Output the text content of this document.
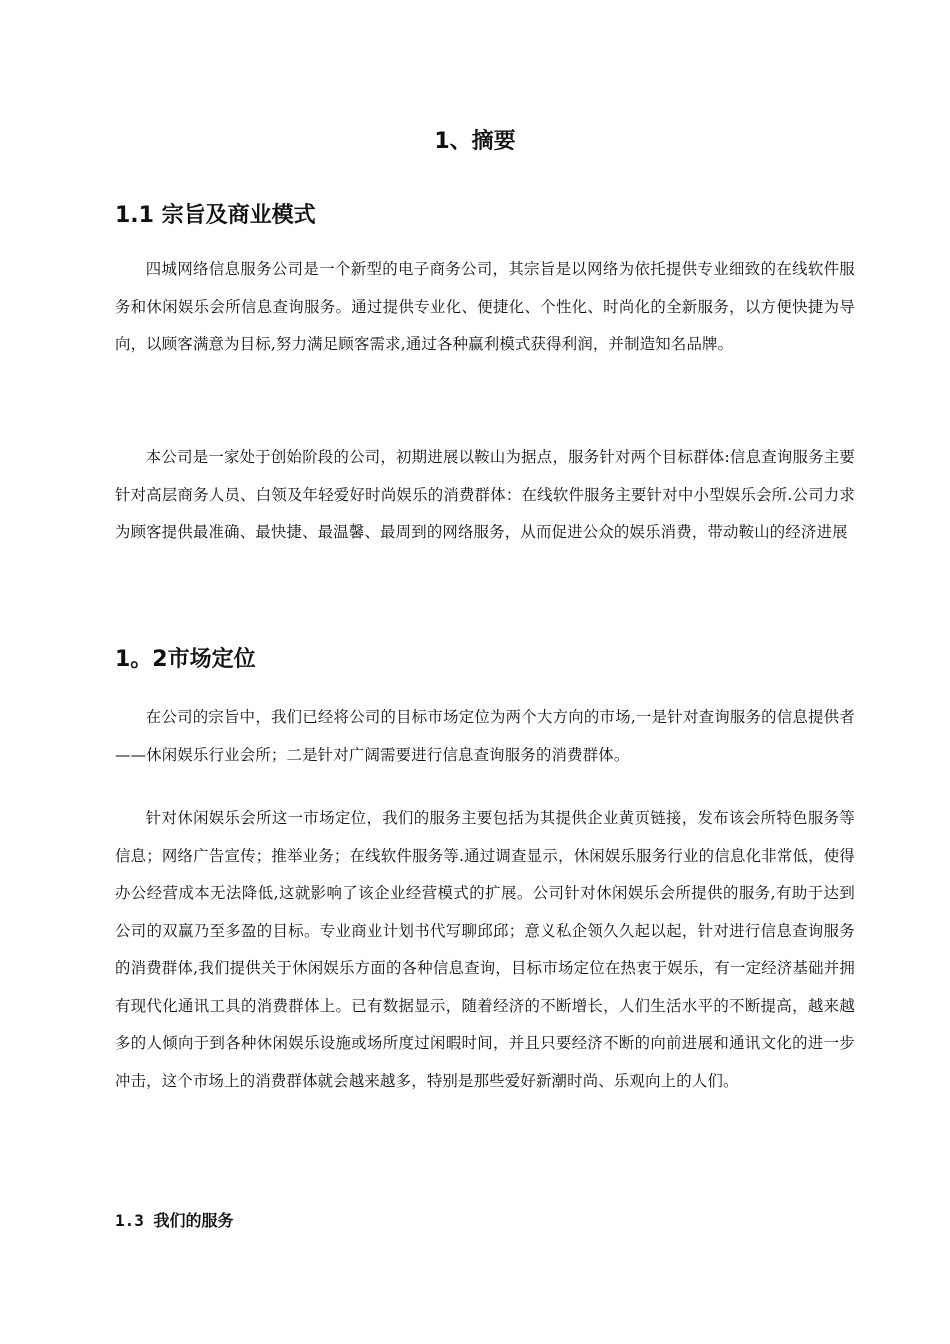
1、摘要
1.1 宗旨及商业模式

四城网络信息服务公司是一个新型的电子商务公司，其宗旨是以网络为依托提供专业细致的在线软件服务和休闲娱乐会所信息查询服务。通过提供专业化、便捷化、个性化、时尚化的全新服务，以方便快捷为导向，以顾客满意为目标,努力满足顾客需求,通过各种赢利模式获得利润，并制造知名品牌。

本公司是一家处于创始阶段的公司，初期进展以鞍山为据点，服务针对两个目标群体:信息查询服务主要针对高层商务人员、白领及年轻爱好时尚娱乐的消费群体：在线软件服务主要针对中小型娱乐会所.公司力求为顾客提供最准确、最快捷、最温馨、最周到的网络服务，从而促进公众的娱乐消费，带动鞍山的经济进展

1。2市场定位

在公司的宗旨中，我们已经将公司的目标市场定位为两个大方向的市场,一是针对查询服务的信息提供者——休闲娱乐行业会所；二是针对广阔需要进行信息查询服务的消费群体。

针对休闲娱乐会所这一市场定位，我们的服务主要包括为其提供企业黄页链接，发布该会所特色服务等信息；网络广告宣传；推举业务；在线软件服务等.通过调查显示，休闲娱乐服务行业的信息化非常低，使得办公经营成本无法降低,这就影响了该企业经营模式的扩展。公司针对休闲娱乐会所提供的服务,有助于达到公司的双赢乃至多盈的目标。专业商业计划书代写聊邱邱；意义私企领久久起以起，针对进行信息查询服务的消费群体,我们提供关于休闲娱乐方面的各种信息查询，目标市场定位在热衷于娱乐，有一定经济基础并拥有现代化通讯工具的消费群体上。已有数据显示，随着经济的不断增长，人们生活水平的不断提高，越来越多的人倾向于到各种休闲娱乐设施或场所度过闲暇时间，并且只要经济不断的向前进展和通讯文化的进一步冲击，这个市场上的消费群体就会越来越多，特别是那些爱好新潮时尚、乐观向上的人们。

1.3 我们的服务
